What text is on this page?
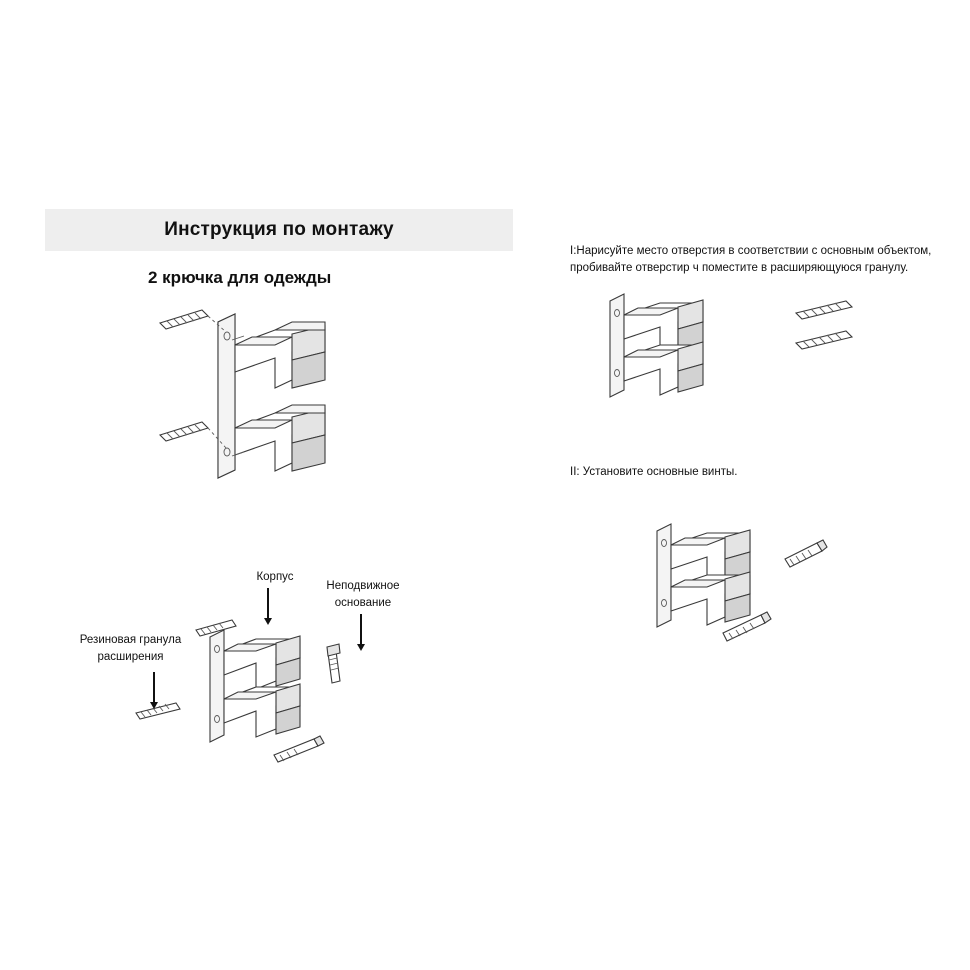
Инструкция по монтажу
2 крючка для одежды
I:Нарисуйте место отверстия в соответствии с основным объектом, пробивайте отверстир ч поместите в расширяющуюся гранулу.
II: Установите основные винты.
Корпус
Неподвижное основание
Резиновая гранула расширения
